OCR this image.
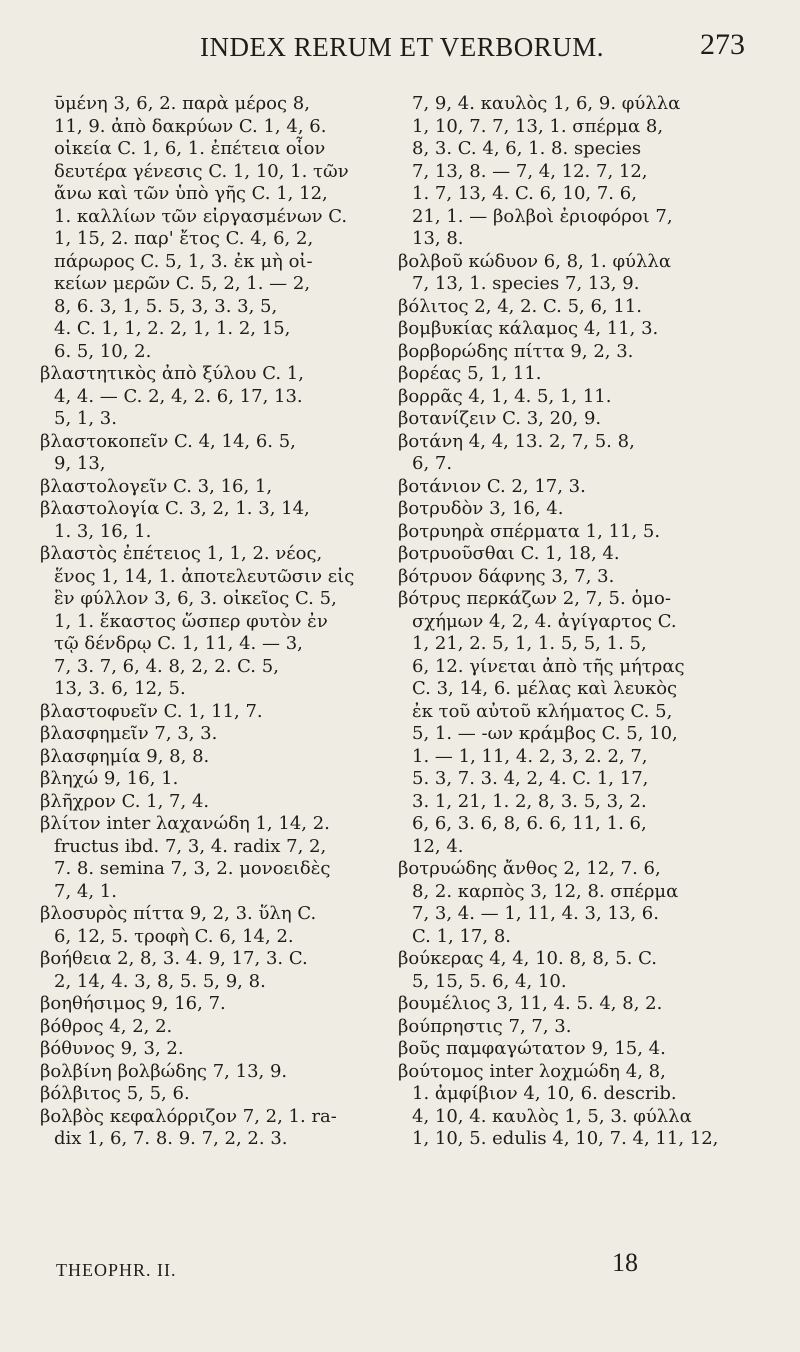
INDEX RERUM ET VERBORUM.	273
ῡμένη 3, 6, 2. παρὰ μέρος 8,
11, 9. ἀπὸ δακρύων C. 1, 4, 6.
οἰκεία C. 1, 6, 1. ἐπέτεια οἷον
δευτέρα γένεσις C. 1, 10, 1. τῶν
ἄνω καὶ τῶν ὑπὸ γῆς C. 1, 12,
1. καλλίων τῶν εἰργασμένων C.
1, 15, 2. παρ' ἔτος C. 4, 6, 2,
πάρωρος C. 5, 1, 3. ἐκ μὴ οἰ-
κείων μερῶν C. 5, 2, 1. — 2,
8, 6. 3, 1, 5. 5, 3, 3. 3, 5,
4. C. 1, 1, 2. 2, 1, 1. 2, 15,
6. 5, 10, 2.
βλαστητικὸς ἀπὸ ξύλου C. 1,
4, 4. — C. 2, 4, 2. 6, 17, 13.
5, 1, 3.
βλαστοκοπεῖν C. 4, 14, 6. 5,
9, 13,
βλαστολογεῖν C. 3, 16, 1,
βλαστολογία C. 3, 2, 1. 3, 14,
1. 3, 16, 1.
βλαστὸς ἐπέτειος 1, 1, 2. νέος,
ἕνος 1, 14, 1. ἀποτελευτῶσιν εἰς
ἓν φύλλον 3, 6, 3. οἰκεῖος C. 5,
1, 1. ἕκαστος ὥσπερ φυτὸν ἐν
τῷ δένδρῳ C. 1, 11, 4. — 3,
7, 3. 7, 6, 4. 8, 2, 2. C. 5,
13, 3. 6, 12, 5.
βλαστοφυεῖν C. 1, 11, 7.
βλασφημεῖν 7, 3, 3.
βλασφημία 9, 8, 8.
βληχώ 9, 16, 1.
βλῆχρον C. 1, 7, 4.
βλίτον inter λαχανώδη 1, 14, 2.
fructus ibd. 7, 3, 4. radix 7, 2,
7. 8. semina 7, 3, 2. μονοειδὲς
7, 4, 1.
βλοσυρὸς πίττα 9, 2, 3. ὕλη C.
6, 12, 5. τροφὴ C. 6, 14, 2.
βοήθεια 2, 8, 3. 4. 9, 17, 3. C.
2, 14, 4. 3, 8, 5. 5, 9, 8.
βοηθήσιμος 9, 16, 7.
βόθρος 4, 2, 2.
βόθυνος 9, 3, 2.
βολβίνη βολβώδης 7, 13, 9.
βόλβιτος 5, 5, 6.
βολβὸς κεφαλόρριζον 7, 2, 1. ra-
dix 1, 6, 7. 8. 9. 7, 2, 2. 3.
7, 9, 4. καυλὸς 1, 6, 9. φύλλα
1, 10, 7. 7, 13, 1. σπέρμα 8,
8, 3. C. 4, 6, 1. 8. species
7, 13, 8. — 7, 4, 12. 7, 12,
1. 7, 13, 4. C. 6, 10, 7. 6,
21, 1. — βολβοὶ ἐριοφόροι 7,
13, 8.
βολβοῦ κώδυον 6, 8, 1. φύλλα
7, 13, 1. species 7, 13, 9.
βόλιτος 2, 4, 2. C. 5, 6, 11.
βομβυκίας κάλαμος 4, 11, 3.
βορβορώδης πίττα 9, 2, 3.
βορέας 5, 1, 11.
βορρᾶς 4, 1, 4. 5, 1, 11.
βοτανίζειν C. 3, 20, 9.
βοτάνη 4, 4, 13. 2, 7, 5. 8,
6, 7.
βοτάνιον C. 2, 17, 3.
βοτρυδὸν 3, 16, 4.
βοτρυηρὰ σπέρματα 1, 11, 5.
βοτρυοῦσθαι C. 1, 18, 4.
βότρυον δάφνης 3, 7, 3.
βότρυς περκάζων 2, 7, 5. ὁμο-
σχήμων 4, 2, 4. ἀγίγαρτος C.
1, 21, 2. 5, 1, 1. 5, 5, 1. 5,
6, 12. γίνεται ἀπὸ τῆς μήτρας
C. 3, 14, 6. μέλας καὶ λευκὸς
ἐκ τοῦ αὐτοῦ κλήματος C. 5,
5, 1. — -ων κράμβος C. 5, 10,
1. — 1, 11, 4. 2, 3, 2. 2, 7,
5. 3, 7. 3. 4, 2, 4. C. 1, 17,
3. 1, 21, 1. 2, 8, 3. 5, 3, 2.
6, 6, 3. 6, 8, 6. 6, 11, 1. 6,
12, 4.
βοτρυώδης ἄνθος 2, 12, 7. 6,
8, 2. καρπὸς 3, 12, 8. σπέρμα
7, 3, 4. — 1, 11, 4. 3, 13, 6.
C. 1, 17, 8.
βούκερας 4, 4, 10. 8, 8, 5. C.
5, 15, 5. 6, 4, 10.
βουμέλιος 3, 11, 4. 5. 4, 8, 2.
βούπρηστις 7, 7, 3.
βοῦς παμφαγώτατον 9, 15, 4.
βούτομος inter λοχμώδη 4, 8,
1. ἀμφίβιον 4, 10, 6. describ.
4, 10, 4. καυλὸς 1, 5, 3. φύλλα
1, 10, 5. edulis 4, 10, 7. 4, 11, 12,
THEOPHR. II.	18
